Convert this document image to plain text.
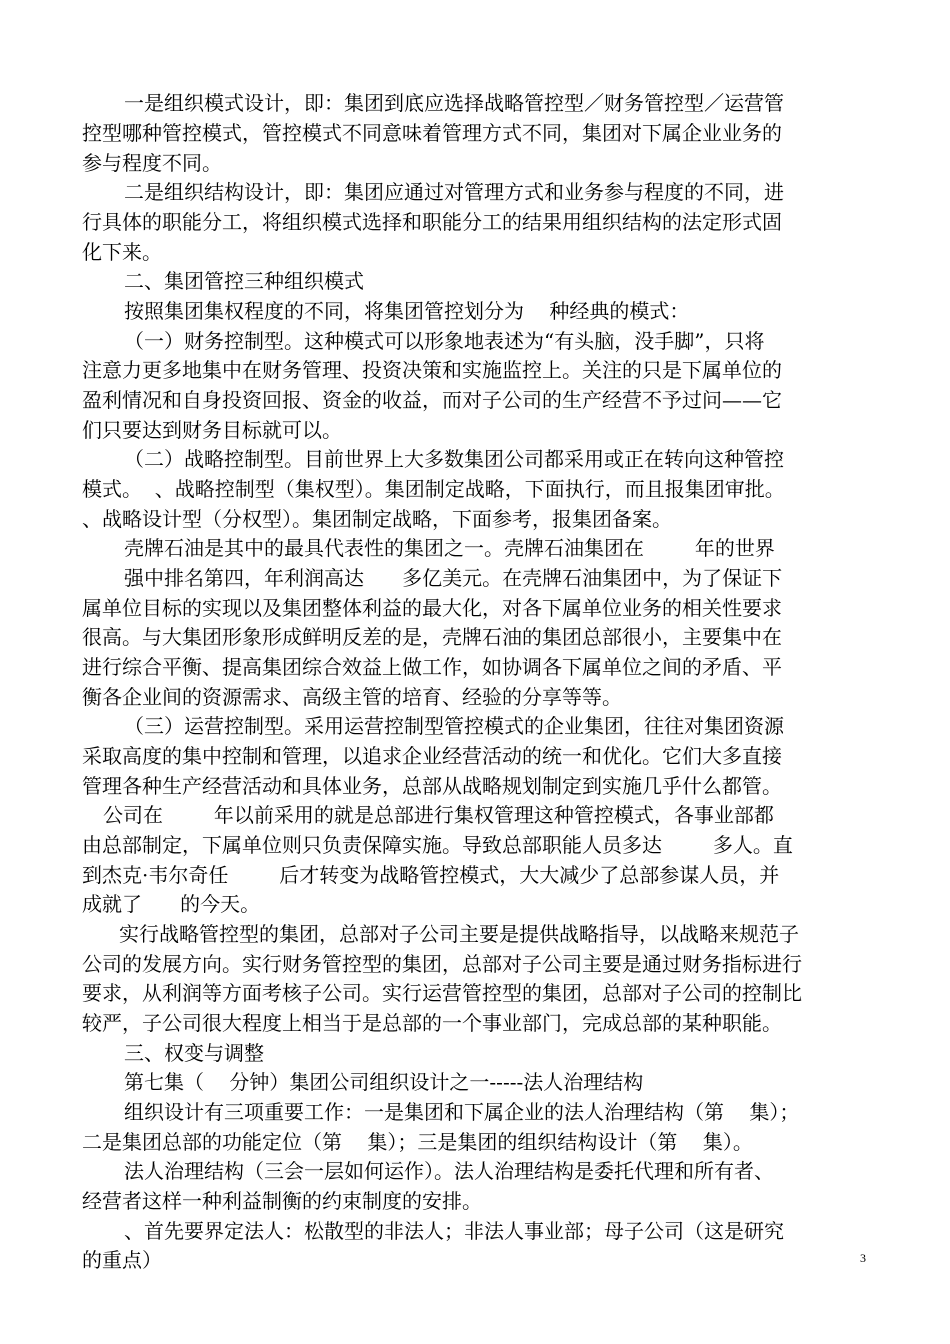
一是组织模式设计，即：集团到底应选择战略管控型／财务管控型／运营管
控型哪种管控模式，管控模式不同意味着管理方式不同，集团对下属企业业务的
参与程度不同。
二是组织结构设计，即：集团应通过对管理方式和业务参与程度的不同，进
行具体的职能分工，将组织模式选择和职能分工的结果用组织结构的法定形式固
化下来。
二、集团管控三种组织模式
按照集团集权程度的不同，将集团管控划分为    种经典的模式：
（一）财务控制型。这种模式可以形象地表述为“有头脑，没手脚”，只将
注意力更多地集中在财务管理、投资决策和实施监控上。关注的只是下属单位的
盈利情况和自身投资回报、资金的收益，而对子公司的生产经营不予过问——它
们只要达到财务目标就可以。
（二）战略控制型。目前世界上大多数集团公司都采用或正在转向这种管控
模式。  、战略控制型（集权型）。集团制定战略，下面执行，而且报集团审批。
、战略设计型（分权型）。集团制定战略，下面参考，报集团备案。
壳牌石油是其中的最具代表性的集团之一。壳牌石油集团在        年的世界
强中排名第四，年利润高达      多亿美元。在壳牌石油集团中，为了保证下
属单位目标的实现以及集团整体利益的最大化，对各下属单位业务的相关性要求
很高。与大集团形象形成鲜明反差的是，壳牌石油的集团总部很小，主要集中在
进行综合平衡、提高集团综合效益上做工作，如协调各下属单位之间的矛盾、平
衡各企业间的资源需求、高级主管的培育、经验的分享等等。
（三）运营控制型。采用运营控制型管控模式的企业集团，往往对集团资源
采取高度的集中控制和管理，以追求企业经营活动的统一和优化。它们大多直接
管理各种生产经营活动和具体业务，总部从战略规划制定到实施几乎什么都管。
公司在        年以前采用的就是总部进行集权管理这种管控模式，各事业部都
由总部制定，下属单位则只负责保障实施。导致总部职能人员多达        多人。直
到杰克·韦尔奇任        后才转变为战略管控模式，大大减少了总部参谋人员，并
成就了      的今天。
实行战略管控型的集团，总部对子公司主要是提供战略指导，以战略来规范子
公司的发展方向。实行财务管控型的集团，总部对子公司主要是通过财务指标进行
要求，从利润等方面考核子公司。实行运营管控型的集团，总部对子公司的控制比
较严，子公司很大程度上相当于是总部的一个事业部门，完成总部的某种职能。
三、权变与调整
第七集（    分钟）集团公司组织设计之一-----法人治理结构
组织设计有三项重要工作：一是集团和下属企业的法人治理结构（第    集）；
二是集团总部的功能定位（第    集）；三是集团的组织结构设计（第    集）。
法人治理结构（三会一层如何运作）。法人治理结构是委托代理和所有者、
经营者这样一种利益制衡的约束制度的安排。
、首先要界定法人：松散型的非法人；非法人事业部；母子公司（这是研究
的重点）	3
